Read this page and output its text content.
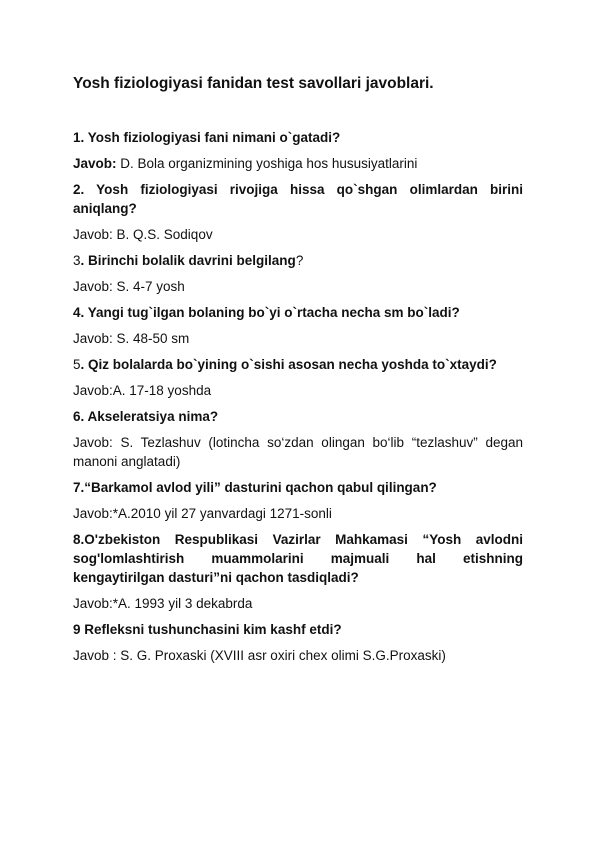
Yosh fiziologiyasi fanidan test savollari javoblari.
1. Yosh fiziologiyasi fani nimani o`gatadi?
Javob: D. Bola organizmining yoshiga hos hususiyatlarini
2. Yosh fiziologiyasi rivojiga hissa qo`shgan olimlardan birini aniqlang?
Javob: B. Q.S. Sodiqov
3. Birinchi bolalik davrini belgilang?
Javob: S. 4-7 yosh
4. Yangi tug`ilgan bolaning bo`yi o`rtacha necha sm bo`ladi?
Javob: S. 48-50 sm
5. Qiz bolalarda bo`yining o`sishi asosan necha yoshda to`xtaydi?
Javob:A. 17-18 yoshda
6. Akseleratsiya nima?
Javob: S. Tezlashuv (lotincha so‘zdan olingan bo‘lib “tezlashuv” degan manoni anglatadi)
7.“Barkamol avlod yili” dasturini qachon qabul qilingan?
Javob:*A.2010 yil 27 yanvardagi 1271-sonli
8.O'zbekiston Respublikasi Vazirlar Mahkamasi “Yosh avlodni sog'lomlashtirish muammolarini majmuali hal etishning kengaytirilgan dasturi”ni qachon tasdiqladi?
Javob:*A. 1993 yil 3 dekabrda
9 Refleksni tushunchasini kim kashf etdi?
Javob : S. G. Proxaski (XVIII asr oxiri chex olimi S.G.Proxaski)
